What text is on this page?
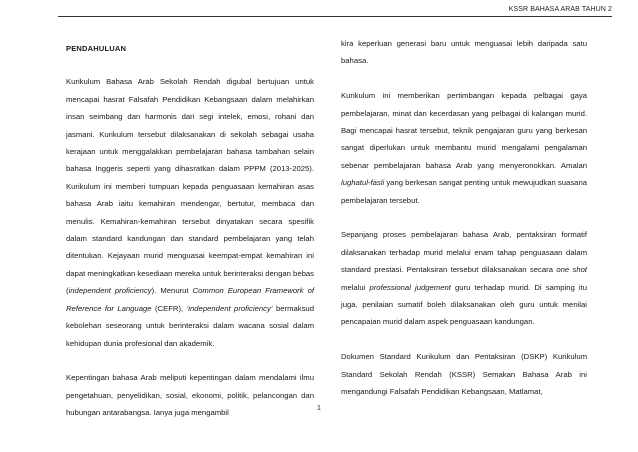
KSSR BAHASA ARAB TAHUN 2
PENDAHULUAN

Kurikulum Bahasa Arab Sekolah Rendah digubal bertujuan untuk mencapai hasrat Falsafah Pendidikan Kebangsaan dalam melahirkan insan seimbang dan harmonis dari segi intelek, emosi, rohani dan jasmani. Kurikulum tersebut dilaksanakan di sekolah sebagai usaha kerajaan untuk menggalakkan pembelajaran bahasa tambahan selain bahasa Inggeris seperti yang dihasratkan dalam PPPM (2013-2025). Kurikulum ini memberi tumpuan kepada penguasaan kemahiran asas bahasa Arab iaitu kemahiran mendengar, bertutur, membaca dan menulis. Kemahiran-kemahiran tersebut dinyatakan secara spesifik dalam standard kandungan dan standard pembelajaran yang telah ditentukan. Kejayaan murid menguasai keempat-empat kemahiran ini dapat meningkatkan kesediaan mereka untuk berinteraksi dengan bebas (independent proficiency). Menurut Common European Framework of Reference for Language (CEFR), ‘independent proficiency’ bermaksud kebolehan seseorang untuk berinteraksi dalam wacana sosial dalam kehidupan dunia profesional dan akademik.

Kepentingan bahasa Arab meliputi kepentingan dalam mendalami ilmu pengetahuan, penyelidikan, sosial, ekonomi, politik, pelancongan dan hubungan antarabangsa. Ianya juga mengambil

kira keperluan generasi baru untuk menguasai lebih daripada satu bahasa.

Kurikulum ini memberikan pertimbangan kepada pelbagai gaya pembelajaran, minat dan kecerdasan yang pelbagai di kalangan murid. Bagi mencapai hasrat tersebut, teknik pengajaran guru yang berkesan sangat diperlukan untuk membantu murid mengalami pengalaman sebenar pembelajaran bahasa Arab yang menyeronokkan. Amalan lughatul-fasli yang berkesan sangat penting untuk mewujudkan suasana pembelajaran tersebut.

Sepanjang proses pembelajaran bahasa Arab, pentaksiran formatif dilaksanakan terhadap murid melalui enam tahap penguasaan dalam standard prestasi. Pentaksiran tersebut dilaksanakan secara one shot melalui professional judgement guru terhadap murid. Di samping itu juga, penilaian sumatif boleh dilaksanakan oleh guru untuk menilai pencapaian murid dalam aspek penguasaan kandungan.

Dokumen Standard Kurikulum dan Pentaksiran (DSKP) Kurikulum Standard Sekolah Rendah (KSSR) Semakan Bahasa Arab ini mengandungi Falsafah Pendidikan Kebangsaan, Matlamat,

1
